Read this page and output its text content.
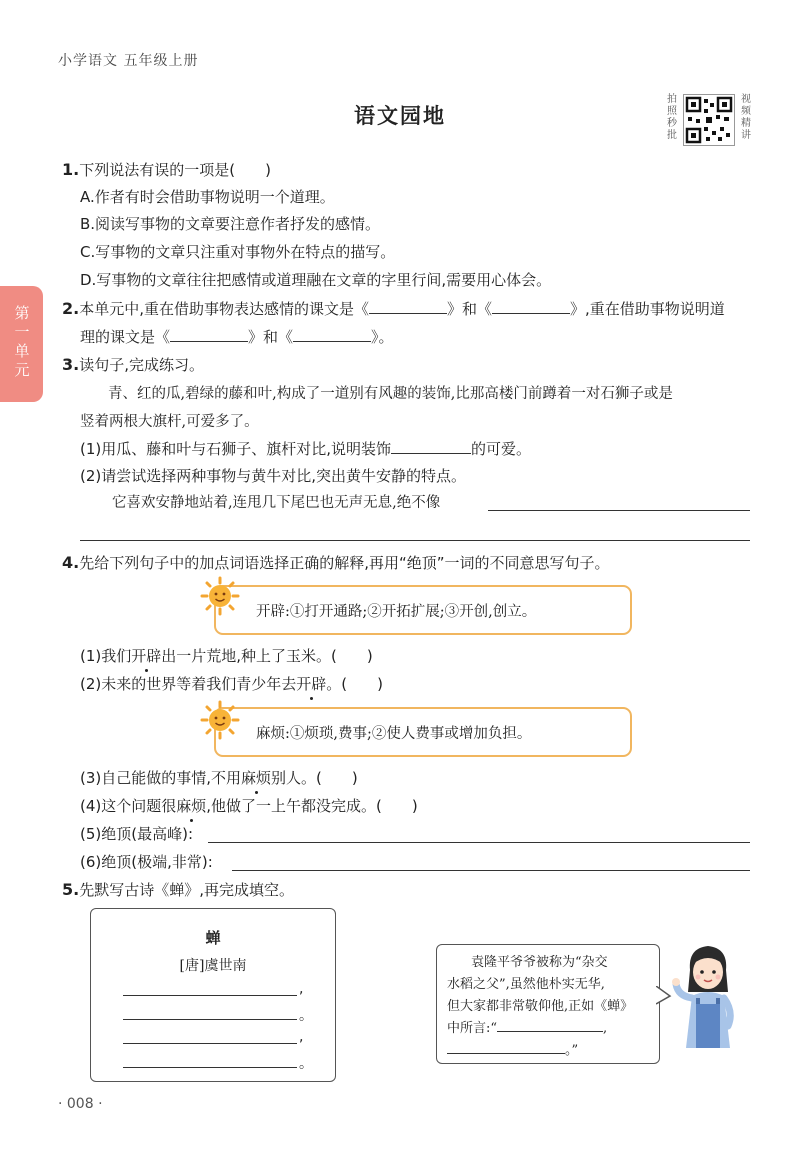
小学语文 五年级上册
语文园地
拍照秒批
视频精讲
第一单元
1.下列说法有误的一项是(　　)
A.作者有时会借助事物说明一个道理。
B.阅读写事物的文章要注意作者抒发的感情。
C.写事物的文章只注重对事物外在特点的描写。
D.写事物的文章往往把感情或道理融在文章的字里行间,需要用心体会。
2.本单元中,重在借助事物表达感情的课文是《	》和《	》,重在借助事物说明道
理的课文是《	》和《	》。
3.读句子,完成练习。
青、红的瓜,碧绿的藤和叶,构成了一道别有风趣的装饰,比那高楼门前蹲着一对石狮子或是
竖着两根大旗杆,可爱多了。
(1)用瓜、藤和叶与石狮子、旗杆对比,说明装饰	的可爱。
(2)请尝试选择两种事物与黄牛对比,突出黄牛安静的特点。
它喜欢安静地站着,连甩几下尾巴也无声无息,绝不像
4.先给下列句子中的加点词语选择正确的解释,再用“绝顶”一词的不同意思写句子。
开辟:①打开通路;②开拓扩展;③开创,创立。
(1)我们开辟出一片荒地,种上了玉米。(　　)
(2)未来的世界等着我们青少年去开辟。(　　)
麻烦:①烦琐,费事;②使人费事或增加负担。
(3)自己能做的事情,不用麻烦别人。(　　)
(4)这个问题很麻烦,他做了一上午都没完成。(　　)
(5)绝顶(最高峰):
(6)绝顶(极端,非常):
5.先默写古诗《蝉》,再完成填空。
蝉
[唐]虞世南
,
。
,
。
袁隆平爷爷被称为“杂交
水稻之父”,虽然他朴实无华,
但大家都非常敬仰他,正如《蝉》
中所言:“	,
。”
· 008 ·
